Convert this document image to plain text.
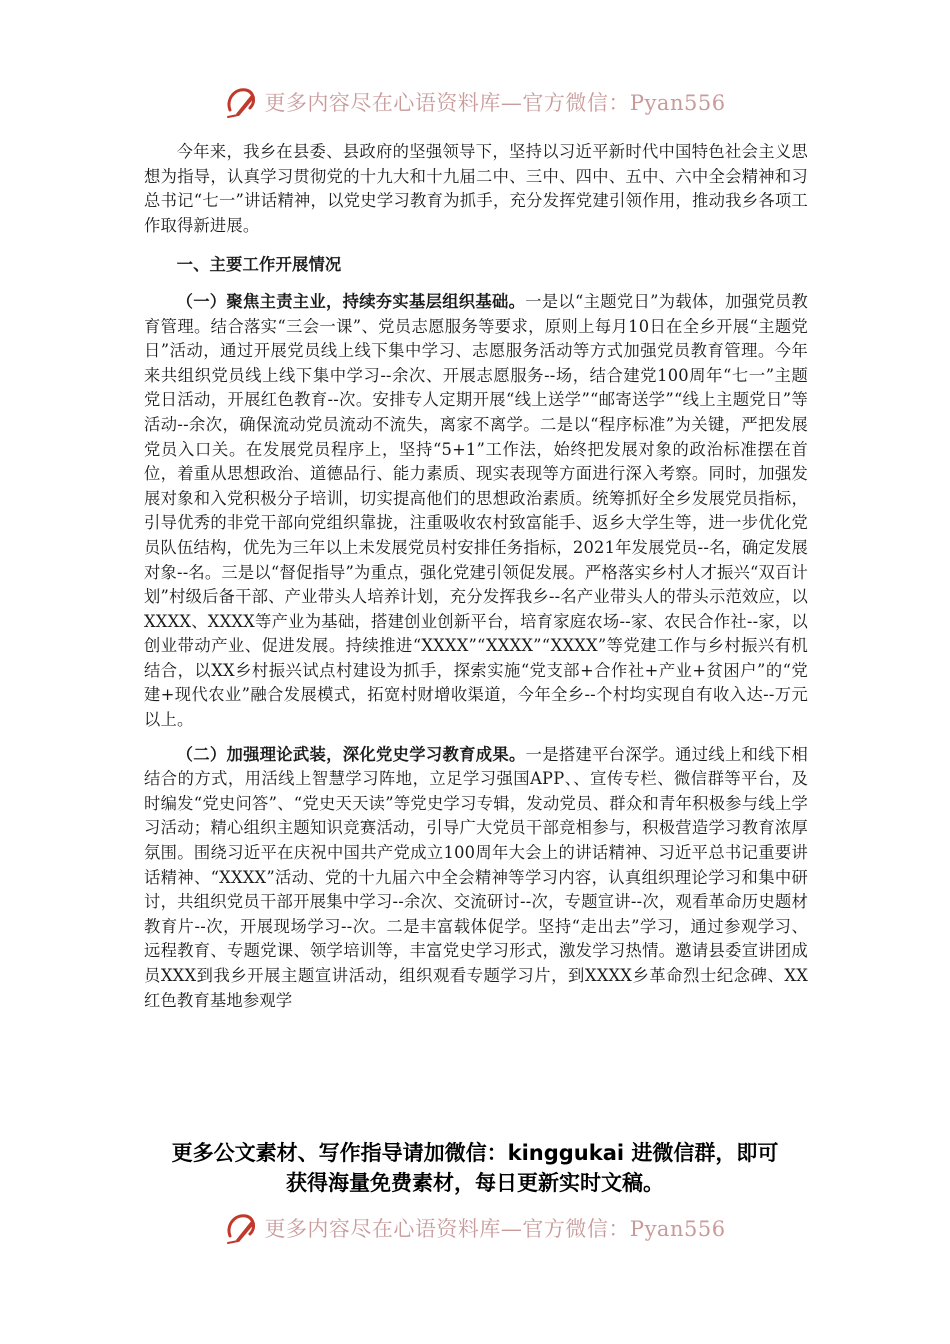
更多内容尽在心语资料库—官方微信：Pyan556

今年来，我乡在县委、县政府的坚强领导下，坚持以习近平新时代中国特色社会主义思想为指导，认真学习贯彻党的十九大和十九届二中、三中、四中、五中、六中全会精神和习总书记“七一”讲话精神，以党史学习教育为抓手，充分发挥党建引领作用，推动我乡各项工作取得新进展。

一、主要工作开展情况

（一）聚焦主责主业，持续夯实基层组织基础。一是以“主题党日”为载体，加强党员教育管理。结合落实“三会一课”、党员志愿服务等要求，原则上每月10日在全乡开展“主题党日”活动，通过开展党员线上线下集中学习、志愿服务活动等方式加强党员教育管理。今年来共组织党员线上线下集中学习--余次、开展志愿服务--场，结合建党100周年“七一”主题党日活动，开展红色教育--次。安排专人定期开展“线上送学”“邮寄送学”“线上主题党日”等活动--余次，确保流动党员流动不流失，离家不离学。二是以“程序标准”为关键，严把发展党员入口关。在发展党员程序上，坚持“5+1”工作法，始终把发展对象的政治标准摆在首位，着重从思想政治、道德品行、能力素质、现实表现等方面进行深入考察。同时，加强发展对象和入党积极分子培训，切实提高他们的思想政治素质。统筹抓好全乡发展党员指标，引导优秀的非党干部向党组织靠拢，注重吸收农村致富能手、返乡大学生等，进一步优化党员队伍结构，优先为三年以上未发展党员村安排任务指标，2021年发展党员--名，确定发展对象--名。三是以“督促指导”为重点，强化党建引领促发展。严格落实乡村人才振兴“双百计划”村级后备干部、产业带头人培养计划，充分发挥我乡--名产业带头人的带头示范效应，以XXXX、XXXX等产业为基础，搭建创业创新平台，培育家庭农场--家、农民合作社--家，以创业带动产业、促进发展。持续推进“XXXX”“XXXX”“XXXX”等党建工作与乡村振兴有机结合，以XX乡村振兴试点村建设为抓手，探索实施“党支部+合作社+产业+贫困户”的“党建+现代农业”融合发展模式，拓宽村财增收渠道，今年全乡--个村均实现自有收入达--万元以上。

（二）加强理论武装，深化党史学习教育成果。一是搭建平台深学。通过线上和线下相结合的方式，用活线上智慧学习阵地，立足学习强国APP、、宣传专栏、微信群等平台，及时编发“党史问答”、“党史天天读”等党史学习专辑，发动党员、群众和青年积极参与线上学习活动；精心组织主题知识竞赛活动，引导广大党员干部竞相参与，积极营造学习教育浓厚氛围。围绕习近平在庆祝中国共产党成立100周年大会上的讲话精神、习近平总书记重要讲话精神、“XXXX”活动、党的十九届六中全会精神等学习内容，认真组织理论学习和集中研讨，共组织党员干部开展集中学习--余次、交流研讨--次，专题宣讲--次，观看革命历史题材教育片--次，开展现场学习--次。二是丰富载体促学。坚持“走出去”学习，通过参观学习、远程教育、专题党课、领学培训等，丰富党史学习形式，激发学习热情。邀请县委宣讲团成员XXX到我乡开展主题宣讲活动，组织观看专题学习片，到XXXX乡革命烈士纪念碑、XX红色教育基地参观学

更多公文素材、写作指导请加微信：kinggukai 进微信群，即可
获得海量免费素材，每日更新实时文稿。
更多内容尽在心语资料库—官方微信：Pyan556
